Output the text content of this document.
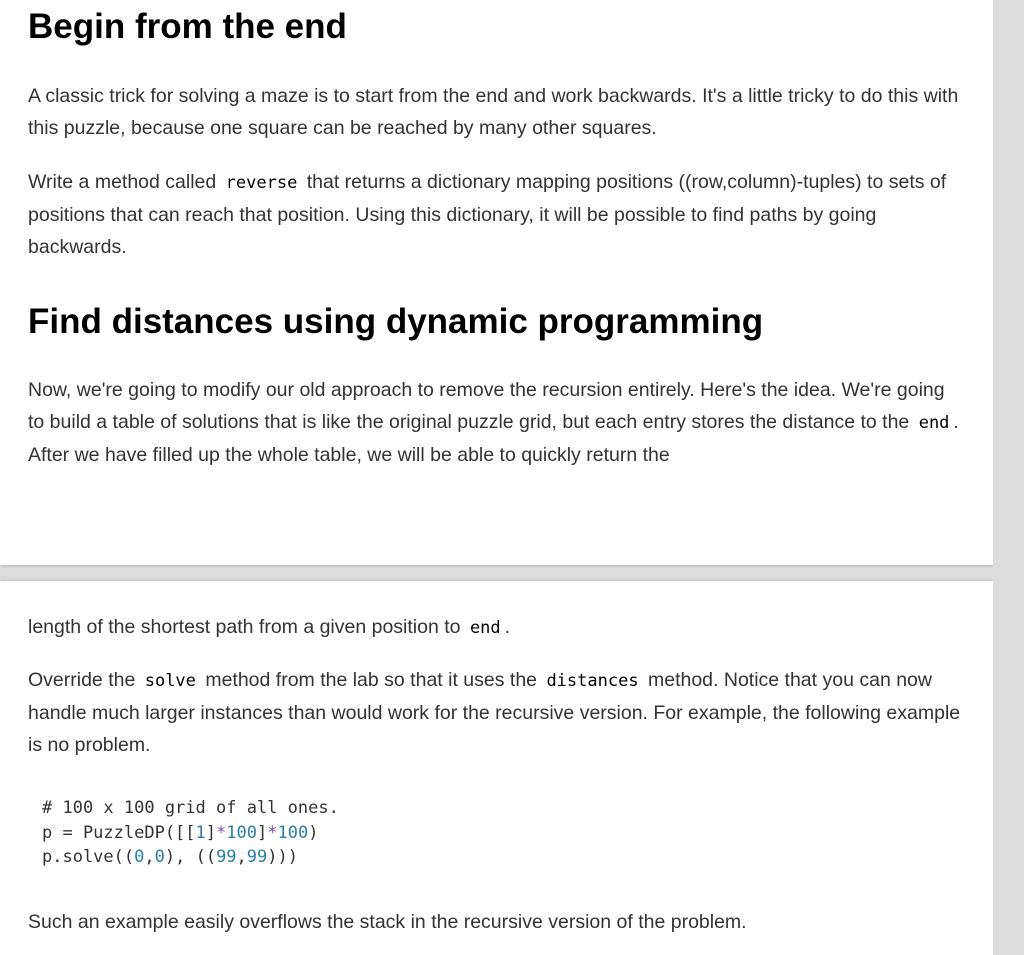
Begin from the end

A classic trick for solving a maze is to start from the end and work backwards. It's a little tricky to do this with this puzzle, because one square can be reached by many other squares.

Write a method called reverse that returns a dictionary mapping positions ((row,column)-tuples) to sets of positions that can reach that position. Using this dictionary, it will be possible to find paths by going backwards.

Find distances using dynamic programming

Now, we're going to modify our old approach to remove the recursion entirely. Here's the idea. We're going to build a table of solutions that is like the original puzzle grid, but each entry stores the distance to the end . After we have filled up the whole table, we will be able to quickly return the

length of the shortest path from a given position to end .

Override the solve method from the lab so that it uses the distances method. Notice that you can now handle much larger instances than would work for the recursive version. For example, the following example is no problem.

# 100 x 100 grid of all ones.
p = PuzzleDP([[1]*100]*100)
p.solve((0,0), ((99,99)))

Such an example easily overflows the stack in the recursive version of the problem.
